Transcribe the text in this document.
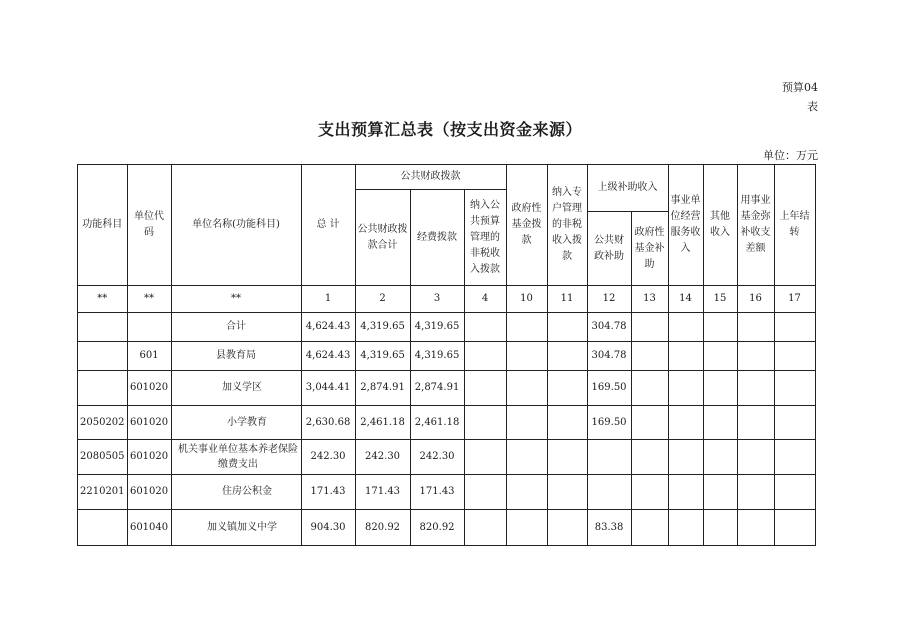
预算04
表
支出预算汇总表（按支出资金来源）
单位：万元
功能科目	单位代码	单位名称(功能科目)	总 计	公共财政拨款			政府性基金拨款	纳入专户管理的非税收入拨款	上级补助收入		事业单位经营服务收入	其他收入	用事业基金弥补收支差额	上年结转
				公共财政拨款合计	经费拨款	纳入公共预算管理的非税收入拨款								
									公共财政补助	政府性基金补助				
**	**	**	1	2	3	4	10	11	12	13	14	15	16	17
		合计	4,624.43	4,319.65	4,319.65				304.78					
	601	县教育局	4,624.43	4,319.65	4,319.65				304.78					
	601020	加义学区	3,044.41	2,874.91	2,874.91				169.50					
2050202	601020	小学教育	2,630.68	2,461.18	2,461.18				169.50					
2080505	601020	机关事业单位基本养老保险缴费支出	242.30	242.30	242.30									
2210201	601020	住房公积金	171.43	171.43	171.43									
	601040	加义镇加义中学	904.30	820.92	820.92				83.38					
